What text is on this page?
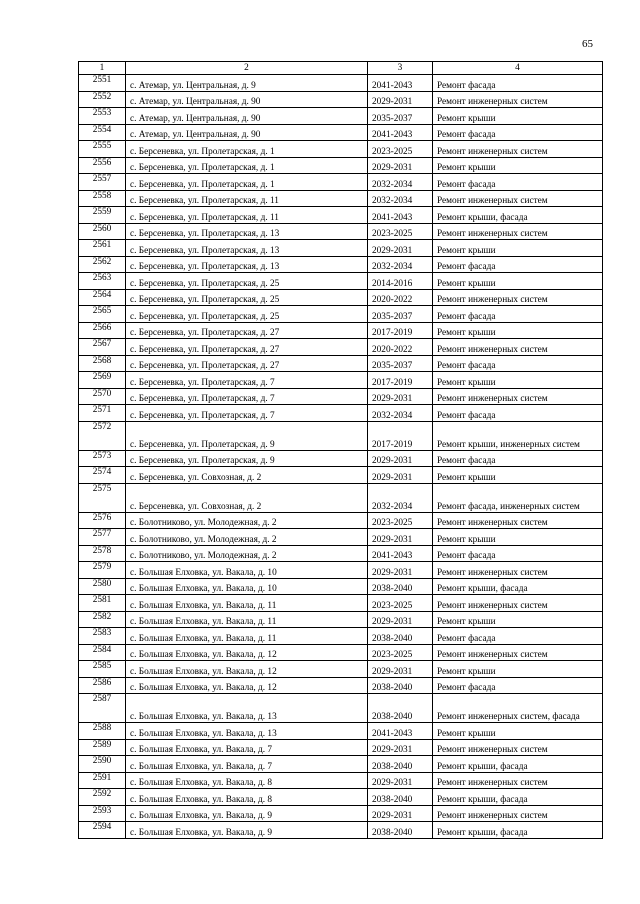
65
1	2	3	4
2551	с. Атемар, ул. Центральная, д. 9	2041-2043	Ремонт фасада
2552	с. Атемар, ул. Центральная, д. 90	2029-2031	Ремонт инженерных систем
2553	с. Атемар, ул. Центральная, д. 90	2035-2037	Ремонт крыши
2554	с. Атемар, ул. Центральная, д. 90	2041-2043	Ремонт фасада
2555	с. Берсеневка, ул. Пролетарская, д. 1	2023-2025	Ремонт инженерных систем
2556	с. Берсеневка, ул. Пролетарская, д. 1	2029-2031	Ремонт крыши
2557	с. Берсеневка, ул. Пролетарская, д. 1	2032-2034	Ремонт фасада
2558	с. Берсеневка, ул. Пролетарская, д. 11	2032-2034	Ремонт инженерных систем
2559	с. Берсеневка, ул. Пролетарская, д. 11	2041-2043	Ремонт крыши, фасада
2560	с. Берсеневка, ул. Пролетарская, д. 13	2023-2025	Ремонт инженерных систем
2561	с. Берсеневка, ул. Пролетарская, д. 13	2029-2031	Ремонт крыши
2562	с. Берсеневка, ул. Пролетарская, д. 13	2032-2034	Ремонт фасада
2563	с. Берсеневка, ул. Пролетарская, д. 25	2014-2016	Ремонт крыши
2564	с. Берсеневка, ул. Пролетарская, д. 25	2020-2022	Ремонт инженерных систем
2565	с. Берсеневка, ул. Пролетарская, д. 25	2035-2037	Ремонт фасада
2566	с. Берсеневка, ул. Пролетарская, д. 27	2017-2019	Ремонт крыши
2567	с. Берсеневка, ул. Пролетарская, д. 27	2020-2022	Ремонт инженерных систем
2568	с. Берсеневка, ул. Пролетарская, д. 27	2035-2037	Ремонт фасада
2569	с. Берсеневка, ул. Пролетарская, д. 7	2017-2019	Ремонт крыши
2570	с. Берсеневка, ул. Пролетарская, д. 7	2029-2031	Ремонт инженерных систем
2571	с. Берсеневка, ул. Пролетарская, д. 7	2032-2034	Ремонт фасада
2572	с. Берсеневка, ул. Пролетарская, д. 9	2017-2019	Ремонт крыши, инженерных систем
2573	с. Берсеневка, ул. Пролетарская, д. 9	2029-2031	Ремонт фасада
2574	с. Берсеневка, ул. Совхозная, д. 2	2029-2031	Ремонт крыши
2575	с. Берсеневка, ул. Совхозная, д. 2	2032-2034	Ремонт фасада, инженерных систем
2576	с. Болотниково, ул. Молодежная, д. 2	2023-2025	Ремонт инженерных систем
2577	с. Болотниково, ул. Молодежная, д. 2	2029-2031	Ремонт крыши
2578	с. Болотниково, ул. Молодежная, д. 2	2041-2043	Ремонт фасада
2579	с. Большая Елховка, ул. Вакала, д. 10	2029-2031	Ремонт инженерных систем
2580	с. Большая Елховка, ул. Вакала, д. 10	2038-2040	Ремонт крыши, фасада
2581	с. Большая Елховка, ул. Вакала, д. 11	2023-2025	Ремонт инженерных систем
2582	с. Большая Елховка, ул. Вакала, д. 11	2029-2031	Ремонт крыши
2583	с. Большая Елховка, ул. Вакала, д. 11	2038-2040	Ремонт фасада
2584	с. Большая Елховка, ул. Вакала, д. 12	2023-2025	Ремонт инженерных систем
2585	с. Большая Елховка, ул. Вакала, д. 12	2029-2031	Ремонт крыши
2586	с. Большая Елховка, ул. Вакала, д. 12	2038-2040	Ремонт фасада
2587	с. Большая Елховка, ул. Вакала, д. 13	2038-2040	Ремонт инженерных систем, фасада
2588	с. Большая Елховка, ул. Вакала, д. 13	2041-2043	Ремонт крыши
2589	с. Большая Елховка, ул. Вакала, д. 7	2029-2031	Ремонт инженерных систем
2590	с. Большая Елховка, ул. Вакала, д. 7	2038-2040	Ремонт крыши, фасада
2591	с. Большая Елховка, ул. Вакала, д. 8	2029-2031	Ремонт инженерных систем
2592	с. Большая Елховка, ул. Вакала, д. 8	2038-2040	Ремонт крыши, фасада
2593	с. Большая Елховка, ул. Вакала, д. 9	2029-2031	Ремонт инженерных систем
2594	с. Большая Елховка, ул. Вакала, д. 9	2038-2040	Ремонт крыши, фасада
